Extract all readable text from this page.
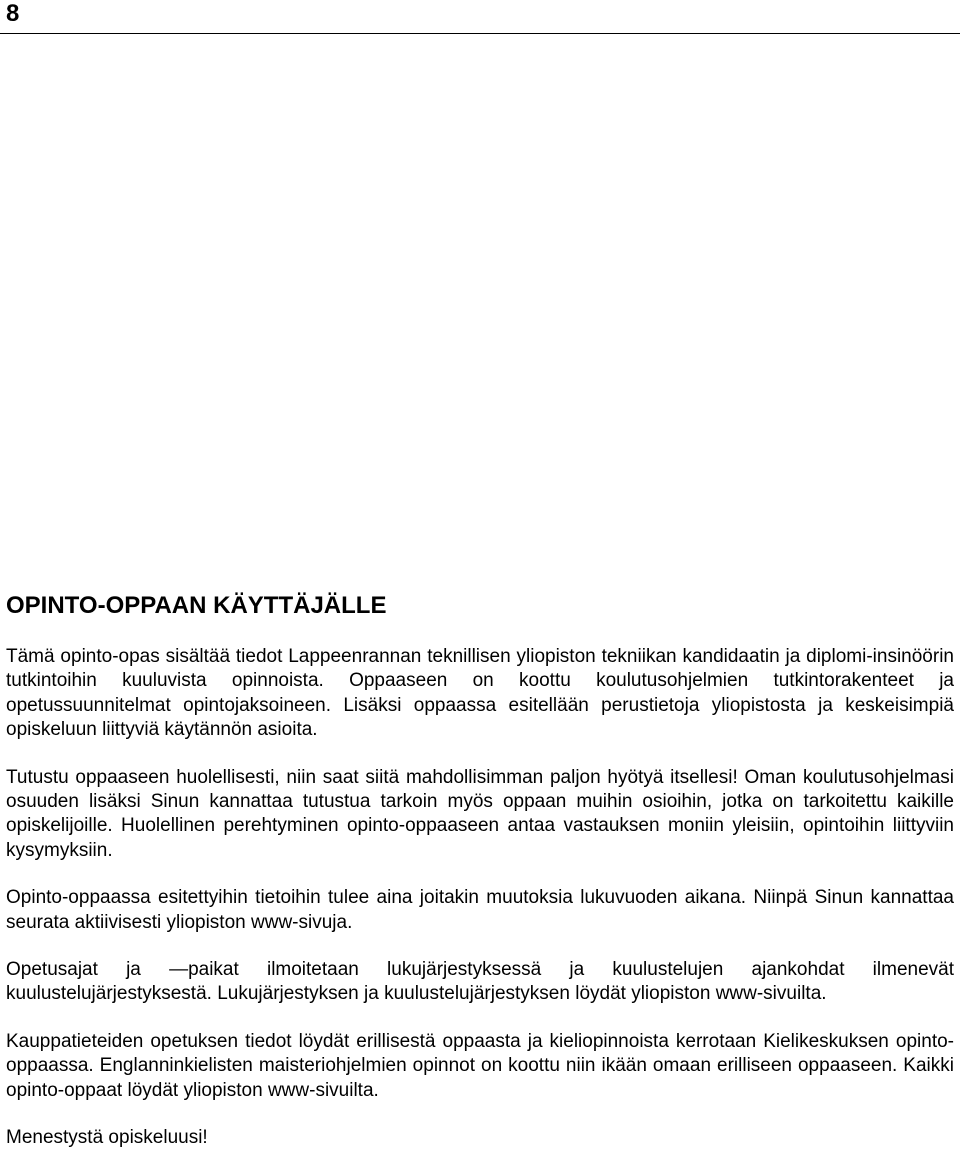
8
OPINTO-OPPAAN KÄYTTÄJÄLLE

Tämä opinto-opas sisältää tiedot Lappeenrannan teknillisen yliopiston tekniikan kandidaatin ja diplomi-insinöörin tutkintoihin kuuluvista opinnoista. Oppaaseen on koottu koulutusohjelmien tutkintorakenteet ja opetussuunnitelmat opintojaksoineen. Lisäksi oppaassa esitellään perustietoja yliopistosta ja keskeisimpiä opiskeluun liittyviä käytännön asioita.

Tutustu oppaaseen huolellisesti, niin saat siitä mahdollisimman paljon hyötyä itsellesi! Oman koulutusohjelmasi osuuden lisäksi Sinun kannattaa tutustua tarkoin myös oppaan muihin osioihin, jotka on tarkoitettu kaikille opiskelijoille. Huolellinen perehtyminen opinto-oppaaseen antaa vastauksen moniin yleisiin, opintoihin liittyviin kysymyksiin.

Opinto-oppaassa esitettyihin tietoihin tulee aina joitakin muutoksia lukuvuoden aikana. Niinpä Sinun kannattaa seurata aktiivisesti yliopiston www-sivuja.

Opetusajat ja —paikat ilmoitetaan lukujärjestyksessä ja kuulustelujen ajankohdat ilmenevät kuulustelujärjestyksestä. Lukujärjestyksen ja kuulustelujärjestyksen löydät yliopiston www-sivuilta.

Kauppatieteiden opetuksen tiedot löydät erillisestä oppaasta ja kieliopinnoista kerrotaan Kielikeskuksen opinto-oppaassa. Englanninkielisten maisteriohjelmien opinnot on koottu niin ikään omaan erilliseen oppaaseen. Kaikki opinto-oppaat löydät yliopiston www-sivuilta.

Menestystä opiskeluusi!
